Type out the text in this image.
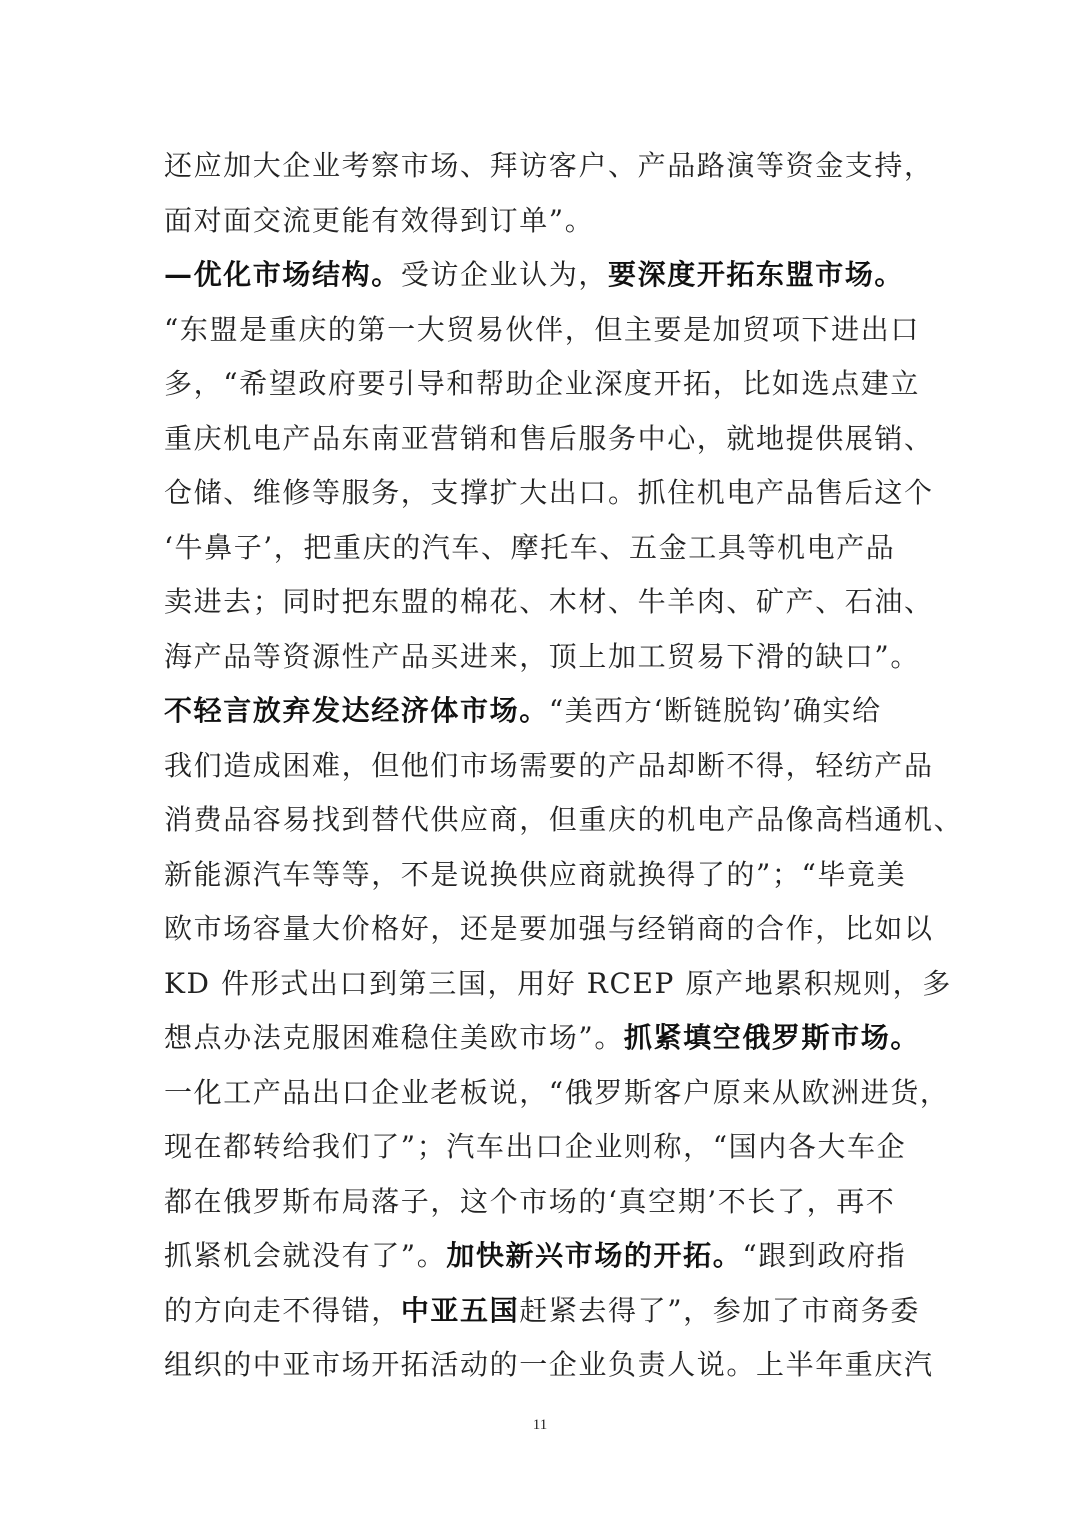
还应加大企业考察市场、拜访客户、产品路演等资金支持，
面对面交流更能有效得到订单”。
—优化市场结构。受访企业认为，要深度开拓东盟市场。
“东盟是重庆的第一大贸易伙伴，但主要是加贸项下进出口
多，“希望政府要引导和帮助企业深度开拓，比如选点建立
重庆机电产品东南亚营销和售后服务中心，就地提供展销、
仓储、维修等服务，支撑扩大出口。抓住机电产品售后这个
‘牛鼻子’，把重庆的汽车、摩托车、五金工具等机电产品
卖进去；同时把东盟的棉花、木材、牛羊肉、矿产、石油、
海产品等资源性产品买进来，顶上加工贸易下滑的缺口”。
不轻言放弃发达经济体市场。“美西方‘断链脱钩’确实给
我们造成困难，但他们市场需要的产品却断不得，轻纺产品
消费品容易找到替代供应商，但重庆的机电产品像高档通机、
新能源汽车等等，不是说换供应商就换得了的”；“毕竟美
欧市场容量大价格好，还是要加强与经销商的合作，比如以
KD 件形式出口到第三国，用好 RCEP 原产地累积规则，多
想点办法克服困难稳住美欧市场”。抓紧填空俄罗斯市场。
一化工产品出口企业老板说，“俄罗斯客户原来从欧洲进货，
现在都转给我们了”；汽车出口企业则称，“国内各大车企
都在俄罗斯布局落子，这个市场的‘真空期’不长了，再不
抓紧机会就没有了”。加快新兴市场的开拓。“跟到政府指
的方向走不得错，中亚五国赶紧去得了”，参加了市商务委
组织的中亚市场开拓活动的一企业负责人说。上半年重庆汽
11
